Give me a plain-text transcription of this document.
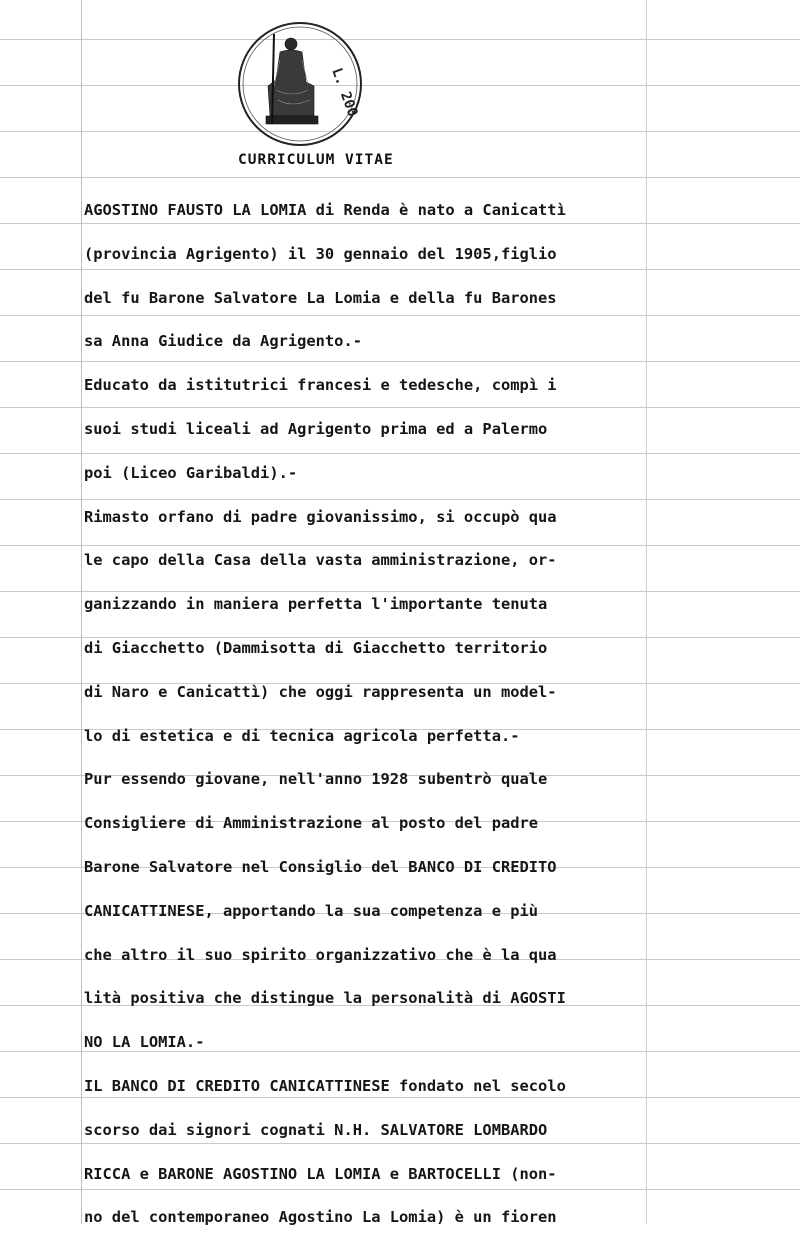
L. 200
CURRICULUM VITAE
AGOSTINO FAUSTO LA LOMIA di Renda è nato a Canicattì
(provincia Agrigento) il 30 gennaio del 1905,figlio
del fu Barone Salvatore La Lomia e della fu Barones
sa Anna Giudice da Agrigento.-
Educato da istitutrici francesi e tedesche, compì i
suoi studi liceali ad Agrigento prima ed a Palermo
poi (Liceo Garibaldi).-
Rimasto orfano di padre giovanissimo, si occupò qua
le capo della Casa della vasta amministrazione, or-
ganizzando in maniera perfetta l'importante tenuta
di Giacchetto (Dammisotta di Giacchetto territorio
di Naro e Canicattì) che oggi rappresenta un model-
lo di estetica e di tecnica agricola perfetta.-
Pur essendo giovane, nell'anno 1928 subentrò quale
Consigliere di Amministrazione al posto del padre
Barone Salvatore nel Consiglio del BANCO DI CREDITO
CANICATTINESE, apportando la sua competenza e più
che altro il suo spirito organizzativo che è la qua
lità positiva che distingue la personalità di AGOSTI
NO LA LOMIA.-
IL BANCO DI CREDITO CANICATTINESE fondato nel secolo
scorso dai signori cognati N.H. SALVATORE LOMBARDO
RICCA e BARONE AGOSTINO LA LOMIA e BARTOCELLI (non-
no del contemporaneo Agostino La Lomia) è un fioren
